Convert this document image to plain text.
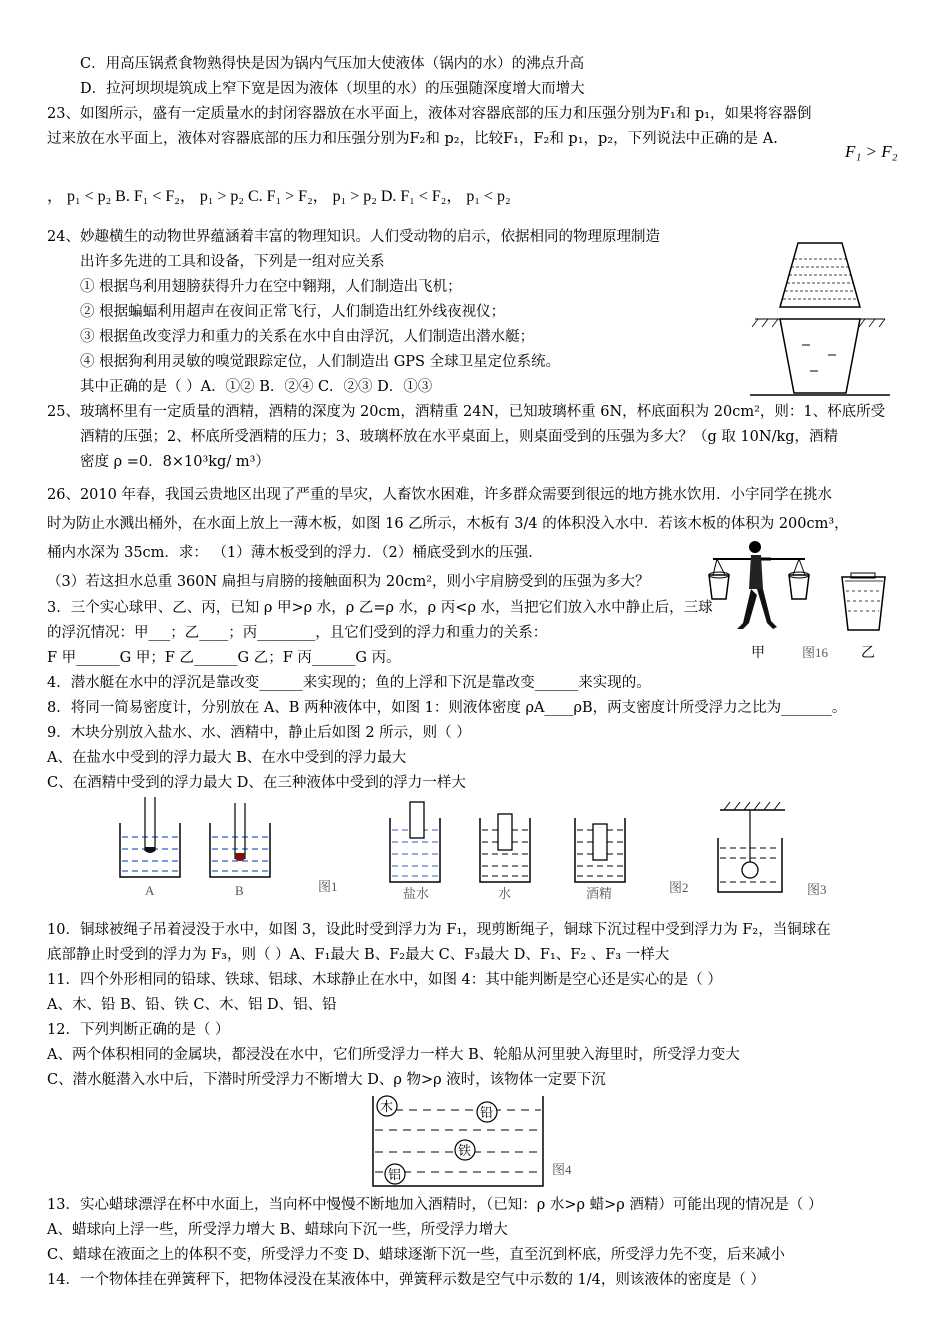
C．用高压锅煮食物熟得快是因为锅内气压加大使液体（锅内的水）的沸点升高
D．拉河坝坝堤筑成上窄下宽是因为液体（坝里的水）的压强随深度增大而增大
23、如图所示，盛有一定质量水的封闭容器放在水平面上，液体对容器底部的压力和压强分别为F₁和 p₁，如果将容器倒
过来放在水平面上，液体对容器底部的压力和压强分别为F₂和 p₂，比较F₁，F₂和 p₁，p₂，下列说法中正确的是 A.
F₁ > F₂
， p₁ < p₂ B. F₁ < F₂， p₁ > p₂ C. F₁ > F₂， p₁ > p₂ D. F₁ < F₂， p₁ < p₂
24、妙趣横生的动物世界蕴涵着丰富的物理知识。人们受动物的启示，依据相同的物理原理制造
出许多先进的工具和设备，下列是一组对应关系
① 根据鸟利用翅膀获得升力在空中翱翔，人们制造出飞机；
② 根据蝙蝠利用超声在夜间正常飞行，人们制造出红外线夜视仪；
③ 根据鱼改变浮力和重力的关系在水中自由浮沉，人们制造出潜水艇；
④ 根据狗利用灵敏的嗅觉跟踪定位，人们制造出 GPS 全球卫星定位系统。
其中正确的是（ ）A．①② B．②④ C．②③ D．①③
25、玻璃杯里有一定质量的酒精，酒精的深度为 20cm，酒精重 24N，已知玻璃杯重 6N，杯底面积为 20cm²，则：1、杯底所受
酒精的压强；2、杯底所受酒精的压力；3、玻璃杯放在水平桌面上，则桌面受到的压强为多大？（g 取 10N/kg，酒精
密度 ρ =0．8×10³kg/ m³）
26、2010 年春，我国云贵地区出现了严重的旱灾，人畜饮水困难，许多群众需要到很远的地方挑水饮用．小宇同学在挑水
时为防止水溅出桶外，在水面上放上一薄木板，如图 16 乙所示，木板有 3/4 的体积没入水中．若该木板的体积为 200cm³，
桶内水深为 35cm．求： （1）薄木板受到的浮力．（2）桶底受到水的压强．
（3）若这担水总重 360N 扁担与肩膀的接触面积为 20cm²，则小宇肩膀受到的压强为多大？
3．三个实心球甲、乙、丙，已知 ρ 甲>ρ 水，ρ 乙=ρ 水，ρ 丙<ρ 水，当把它们放入水中静止后，三球
的浮沉情况：甲___；乙____；丙________，且它们受到的浮力和重力的关系：
F 甲______G 甲；F 乙______G 乙；F 丙______G 丙。
4．潜水艇在水中的浮沉是靠改变______来实现的；鱼的上浮和下沉是靠改变______来实现的。
8．将同一简易密度计，分别放在 A、B 两种液体中，如图 1：则液体密度 ρA____ρB，两支密度计所受浮力之比为_______。
9．木块分别放入盐水、水、酒精中，静止后如图 2 所示，则（ ）
A、在盐水中受到的浮力最大 B、在水中受到的浮力最大
C、在酒精中受到的浮力最大 D、在三种液体中受到的浮力一样大
10．铜球被绳子吊着浸没于水中，如图 3，设此时受到浮力为 F₁，现剪断绳子，铜球下沉过程中受到浮力为 F₂，当铜球在
底部静止时受到的浮力为 F₃，则（ ）A、F₁最大 B、F₂最大 C、F₃最大 D、F₁、F₂ 、F₃ 一样大
11．四个外形相同的铅球、铁球、铝球、木球静止在水中，如图 4：其中能判断是空心还是实心的是（ ）
A、木、铅 B、铅、铁 C、木、铝 D、铝、铅
12．下列判断正确的是（ ）
A、两个体积相同的金属块，都浸没在水中，它们所受浮力一样大 B、轮船从河里驶入海里时，所受浮力变大
C、潜水艇潜入水中后，下潜时所受浮力不断增大 D、ρ 物>ρ 液时，该物体一定要下沉
13．实心蜡球漂浮在杯中水面上，当向杯中慢慢不断地加入酒精时，（已知：ρ 水>ρ 蜡>ρ 酒精）可能出现的情况是（ ）
A、蜡球向上浮一些，所受浮力增大 B、蜡球向下沉一些，所受浮力增大
C、蜡球在液面之上的体积不变，所受浮力不变 D、蜡球逐渐下沉一些，直至沉到杯底，所受浮力先不变，后来减小
14．一个物体挂在弹簧秤下，把物体浸没在某液体中，弹簧秤示数是空气中示数的 1/4，则该液体的密度是（ ）
甲	图16 乙
A	B	图1	盐水	水	酒精	图2	图3
木	铅
铁
铝	图4
